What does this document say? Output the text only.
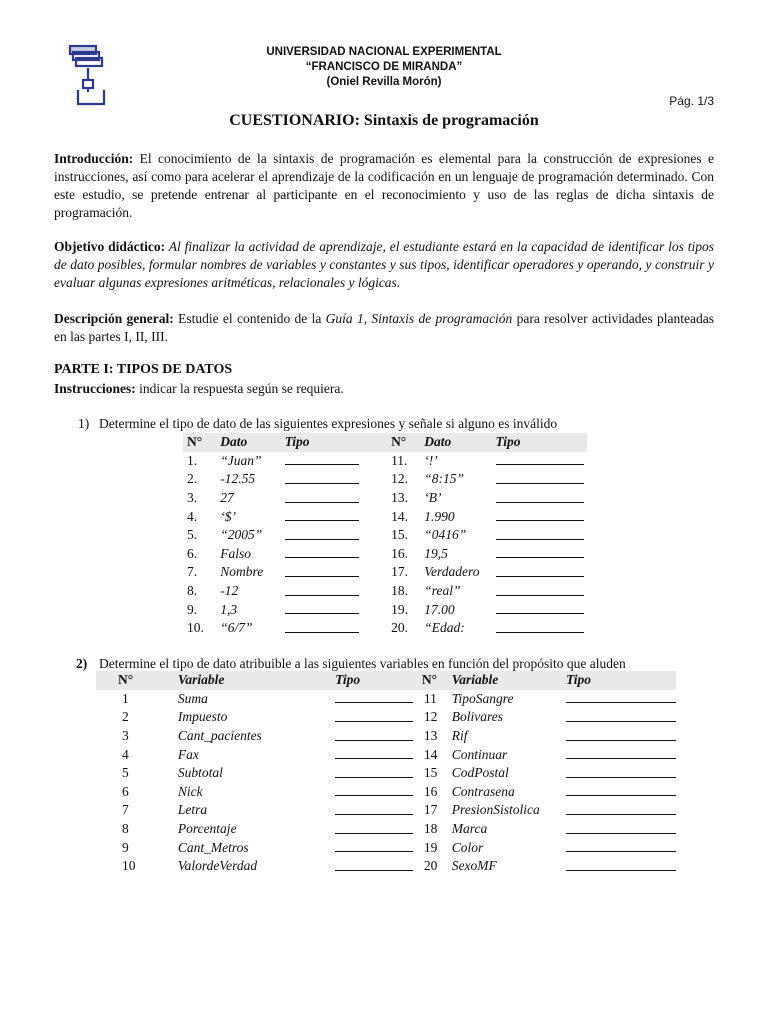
UNIVERSIDAD NACIONAL EXPERIMENTAL
“FRANCISCO DE MIRANDA”
(Oniel Revilla Morón)
Pág. 1/3
CUESTIONARIO: Sintaxis de programación
Introducción: El conocimiento de la sintaxis de programación es elemental para la construcción de expresiones e instrucciones, así como para acelerar el aprendizaje de la codificación en un lenguaje de programación determinado. Con este estudio, se pretende entrenar al participante en el reconocimiento y uso de las reglas de dicha sintaxis de programación.
Objetivo didáctico: Al finalizar la actividad de aprendizaje, el estudiante estará en la capacidad de identificar los tipos de dato posibles, formular nombres de variables y constantes y sus tipos, identificar operadores y operando, y construir y evaluar algunas expresiones aritméticas, relacionales y lógicas.
Descripción general: Estudie el contenido de la Guía 1, Sintaxis de programación para resolver actividades planteadas en las partes I, II, III.
PARTE I: TIPOS DE DATOS
Instrucciones: indicar la respuesta según se requiera.
1) Determine el tipo de dato de las siguientes expresiones y señale si alguno es inválido
N°	Dato	Tipo	N°	Dato	Tipo
1.	“Juan”		11.	‘!’	
2.	-12.55		12.	“8:15”	
3.	27		13.	‘B’	
4.	‘$’		14.	1.990	
5.	“2005”		15.	“0416”	
6.	Falso		16.	19,5	
7.	Nombre		17.	Verdadero	
8.	-12		18.	“real”	
9.	1,3		19.	17.00	
10.	“6/7”		20.	“Edad:	
2) Determine el tipo de dato atribuible a las siguientes variables en función del propósito que aluden
N°	Variable	Tipo	N°	Variable	Tipo
1	Suma		11	TipoSangre	
2	Impuesto		12	Bolivares	
3	Cant_pacientes		13	Rif	
4	Fax		14	Continuar	
5	Subtotal		15	CodPostal	
6	Nick		16	Contrasena	
7	Letra		17	PresionSistolica	
8	Porcentaje		18	Marca	
9	Cant_Metros		19	Color	
10	ValordeVerdad		20	SexoMF	
